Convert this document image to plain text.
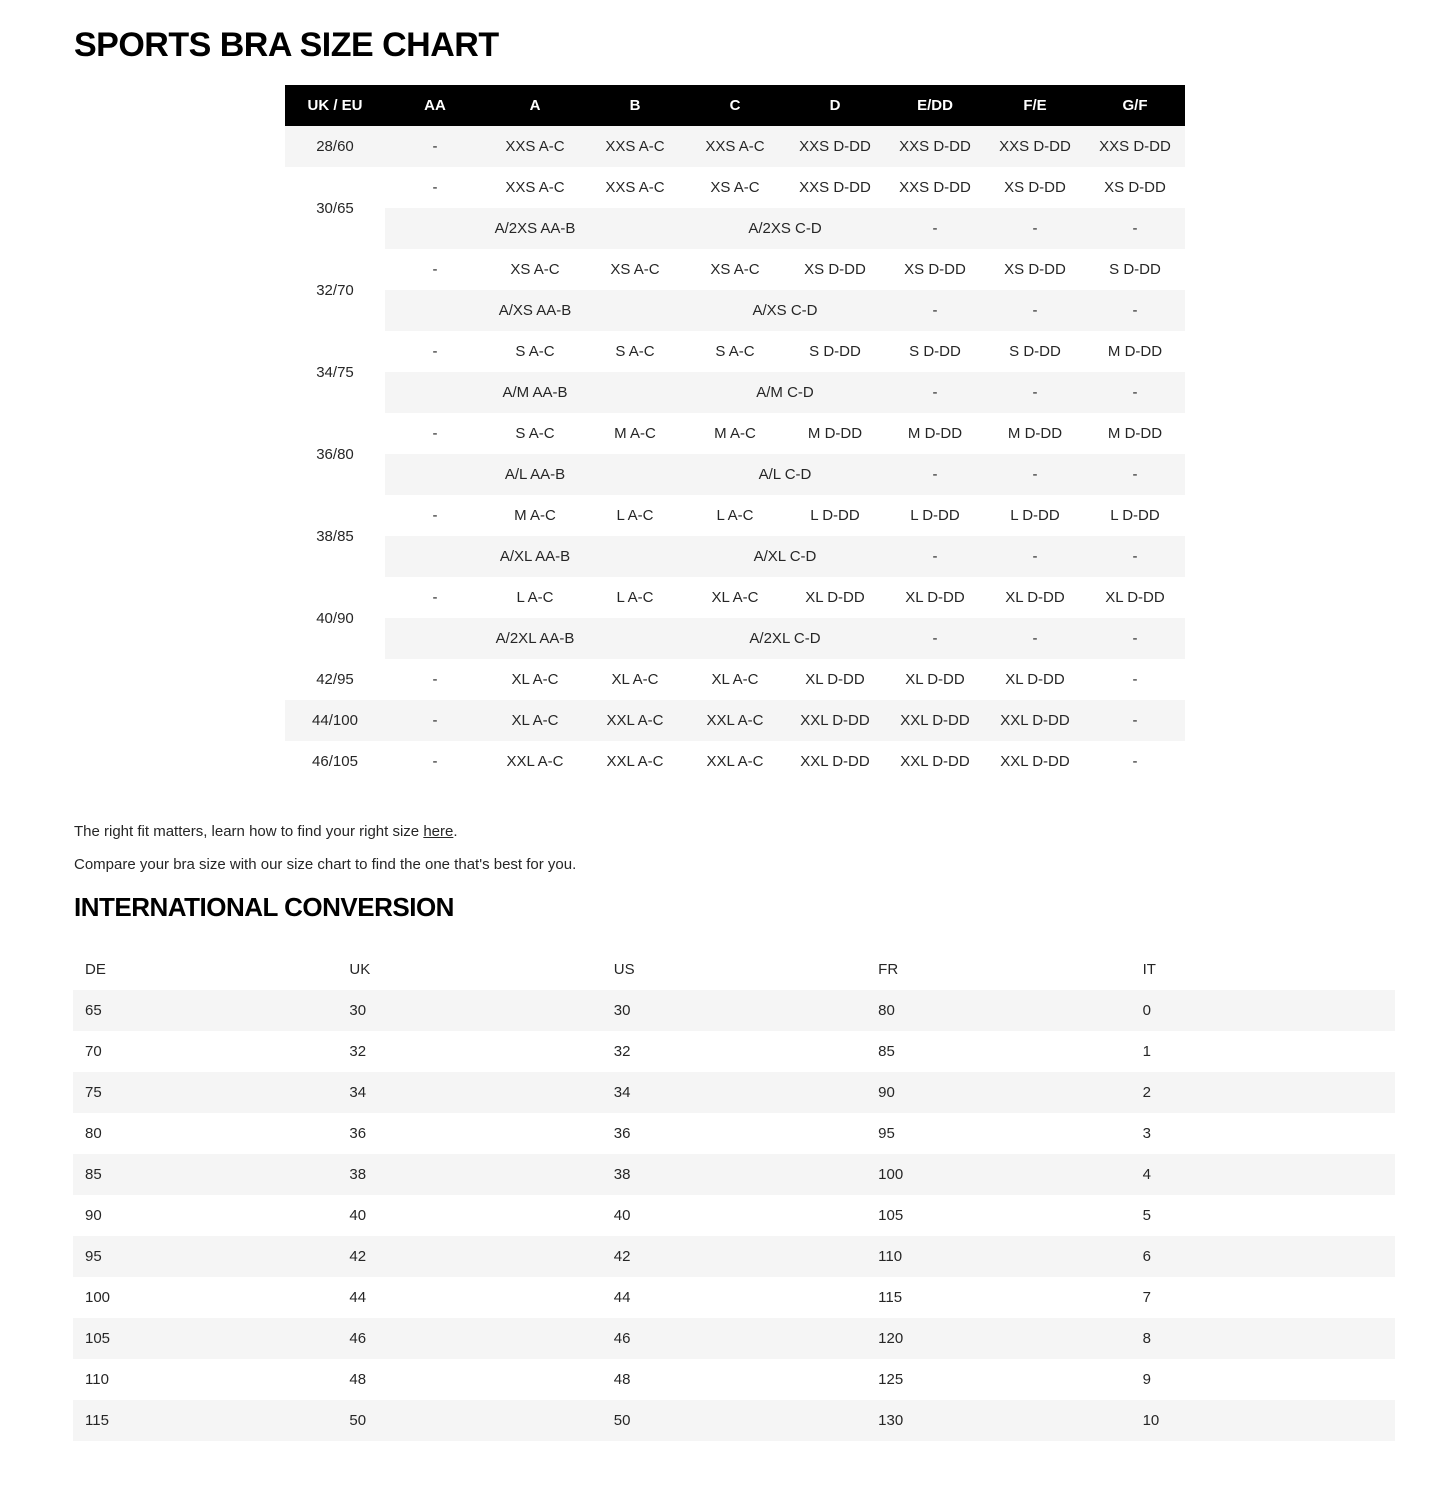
SPORTS BRA SIZE CHART
UK / EU	AA	A	B	C	D	E/DD	F/E	G/F
28/60	-	XXS A-C	XXS A-C	XXS A-C	XXS D-DD	XXS D-DD	XXS D-DD	XXS D-DD
30/65	-	XXS A-C	XXS A-C	XS A-C	XXS D-DD	XXS D-DD	XS D-DD	XS D-DD
	A/2XS AA-B			A/2XS C-D		-	-	-
32/70	-	XS A-C	XS A-C	XS A-C	XS D-DD	XS D-DD	XS D-DD	S D-DD
	A/XS AA-B			A/XS C-D		-	-	-
34/75	-	S A-C	S A-C	S A-C	S D-DD	S D-DD	S D-DD	M D-DD
	A/M AA-B			A/M C-D		-	-	-
36/80	-	S A-C	M A-C	M A-C	M D-DD	M D-DD	M D-DD	M D-DD
	A/L AA-B			A/L C-D		-	-	-
38/85	-	M A-C	L A-C	L A-C	L D-DD	L D-DD	L D-DD	L D-DD
	A/XL AA-B			A/XL C-D		-	-	-
40/90	-	L A-C	L A-C	XL A-C	XL D-DD	XL D-DD	XL D-DD	XL D-DD
	A/2XL AA-B			A/2XL C-D		-	-	-
42/95	-	XL A-C	XL A-C	XL A-C	XL D-DD	XL D-DD	XL D-DD	-
44/100	-	XL A-C	XXL A-C	XXL A-C	XXL D-DD	XXL D-DD	XXL D-DD	-
46/105	-	XXL A-C	XXL A-C	XXL A-C	XXL D-DD	XXL D-DD	XXL D-DD	-

The right fit matters, learn how to find your right size here.

Compare your bra size with our size chart to find the one that's best for you.

INTERNATIONAL CONVERSION
DE	UK	US	FR	IT
65	30	30	80	0
70	32	32	85	1
75	34	34	90	2
80	36	36	95	3
85	38	38	100	4
90	40	40	105	5
95	42	42	110	6
100	44	44	115	7
105	46	46	120	8
110	48	48	125	9
115	50	50	130	10
